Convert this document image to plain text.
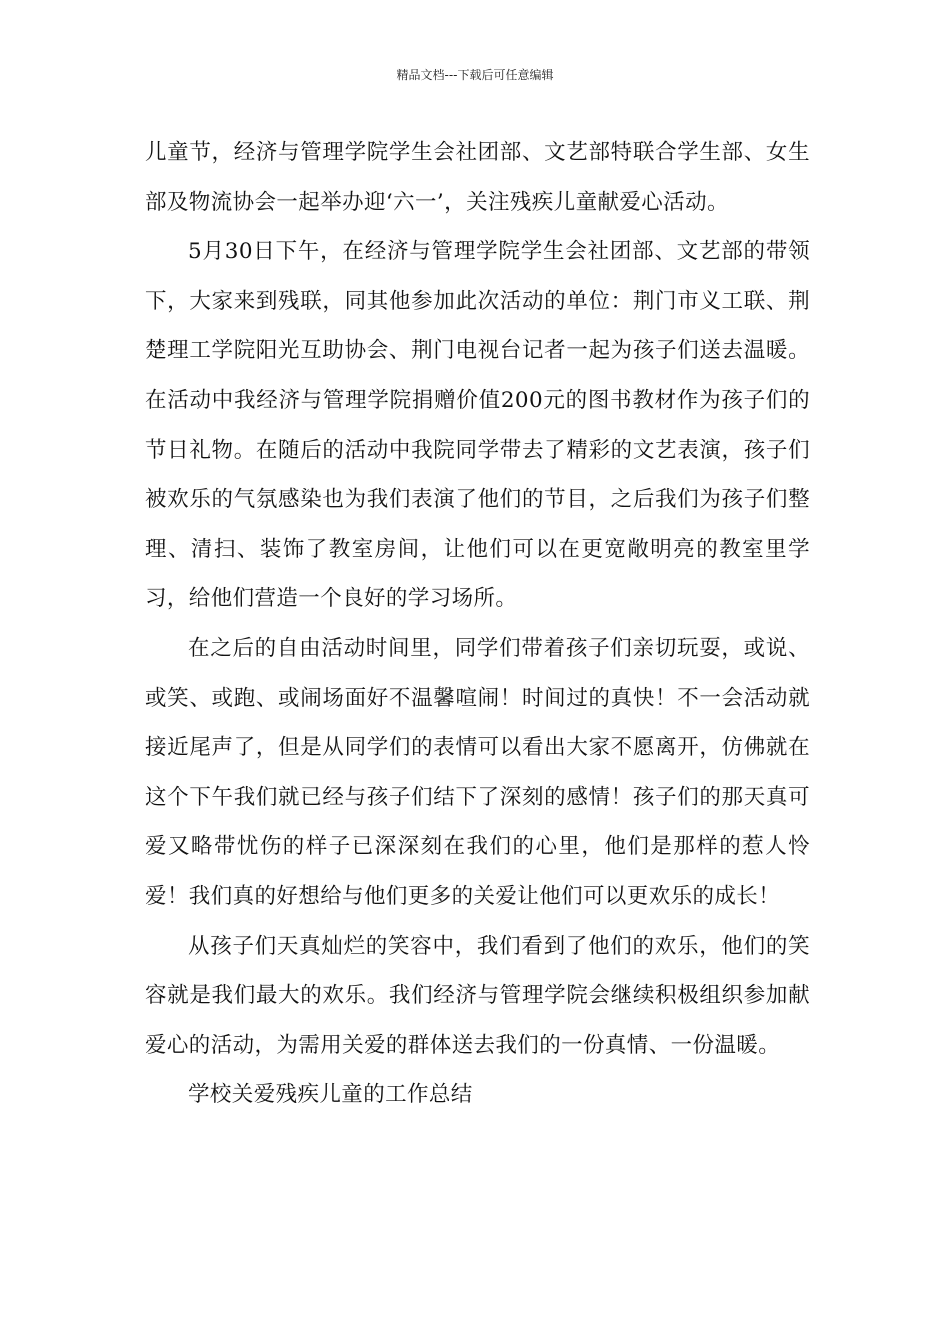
精品文档---下载后可任意编辑

儿童节，经济与管理学院学生会社团部、文艺部特联合学生部、女生部及物流协会一起举办迎‘六一’，关注残疾儿童献爱心活动。

5月30日下午，在经济与管理学院学生会社团部、文艺部的带领下，大家来到残联，同其他参加此次活动的单位：荆门市义工联、荆楚理工学院阳光互助协会、荆门电视台记者一起为孩子们送去温暖。在活动中我经济与管理学院捐赠价值200元的图书教材作为孩子们的节日礼物。在随后的活动中我院同学带去了精彩的文艺表演，孩子们被欢乐的气氛感染也为我们表演了他们的节目，之后我们为孩子们整理、清扫、装饰了教室房间，让他们可以在更宽敞明亮的教室里学习，给他们营造一个良好的学习场所。

在之后的自由活动时间里，同学们带着孩子们亲切玩耍，或说、或笑、或跑、或闹场面好不温馨喧闹！时间过的真快！不一会活动就接近尾声了，但是从同学们的表情可以看出大家不愿离开，仿佛就在这个下午我们就已经与孩子们结下了深刻的感情！孩子们的那天真可爱又略带忧伤的样子已深深刻在我们的心里，他们是那样的惹人怜爱！我们真的好想给与他们更多的关爱让他们可以更欢乐的成长！

从孩子们天真灿烂的笑容中，我们看到了他们的欢乐，他们的笑容就是我们最大的欢乐。我们经济与管理学院会继续积极组织参加献爱心的活动，为需用关爱的群体送去我们的一份真情、一份温暖。

学校关爱残疾儿童的工作总结
